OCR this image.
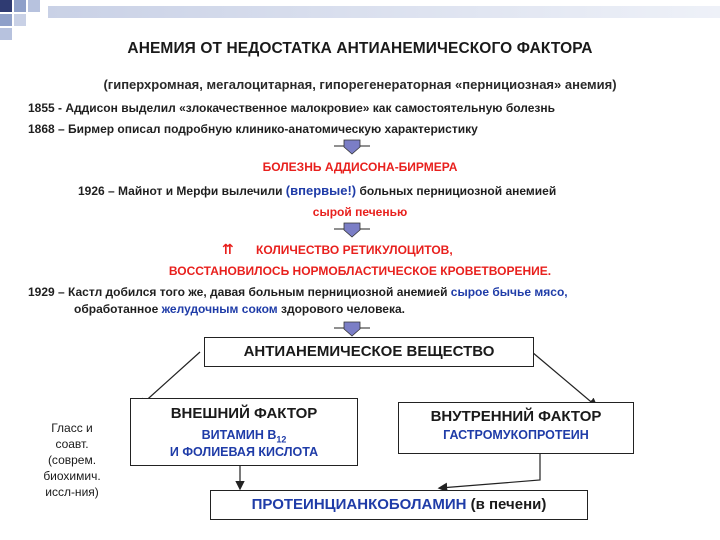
АНЕМИЯ ОТ НЕДОСТАТКА АНТИАНЕМИЧЕСКОГО ФАКТОРА
(гиперхромная, мегалоцитарная, гипорегенераторная «пернициозная» анемия)
1855 - Аддисон выделил «злокачественное малокровие» как самостоятельную болезнь
1868 – Бирмер описал подробную клинико-анатомическую характеристику
БОЛЕЗНЬ АДДИСОНА-БИРМЕРА
1926 – Майнот и Мерфи вылечили (впервые!) больных пернициозной анемией
сырой печенью
⇈ КОЛИЧЕСТВО РЕТИКУЛОЦИТОВ,
ВОССТАНОВИЛОСЬ НОРМОБЛАСТИЧЕСКОЕ КРОВЕТВОРЕНИЕ.
1929 – Кастл добился того же, давая больным пернициозной анемией сырое бычье мясо,
обработанное желудочным соком здорового человека.
АНТИАНЕМИЧЕСКОЕ ВЕЩЕСТВО
ВНЕШНИЙ ФАКТОР
ВИТАМИН $В_{12}$
И ФОЛИЕВАЯ КИСЛОТА
ВНУТРЕННИЙ ФАКТОР
ГАСТРОМУКОПРОТЕИН
ПРОТЕИНЦИАНКОБОЛАМИН (в печени)
Гласс и
соавт.
(соврем.
биохимич.
иссл-ния)
